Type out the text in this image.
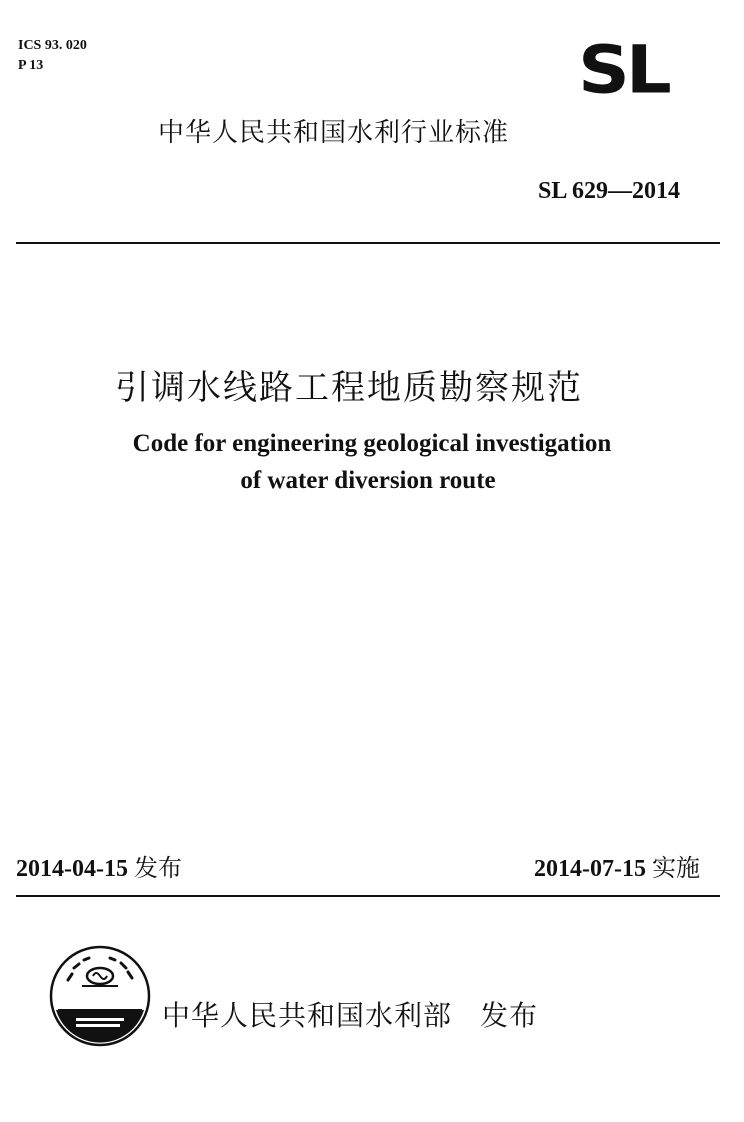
ICS 93. 020
P 13	SL
中华人民共和国水利行业标准
SL 629—2014
引调水线路工程地质勘察规范
Code for engineering geological investigation
of water diversion route
2014-04-15 发布	2014-07-15 实施
中华人民共和国水利部 发布
